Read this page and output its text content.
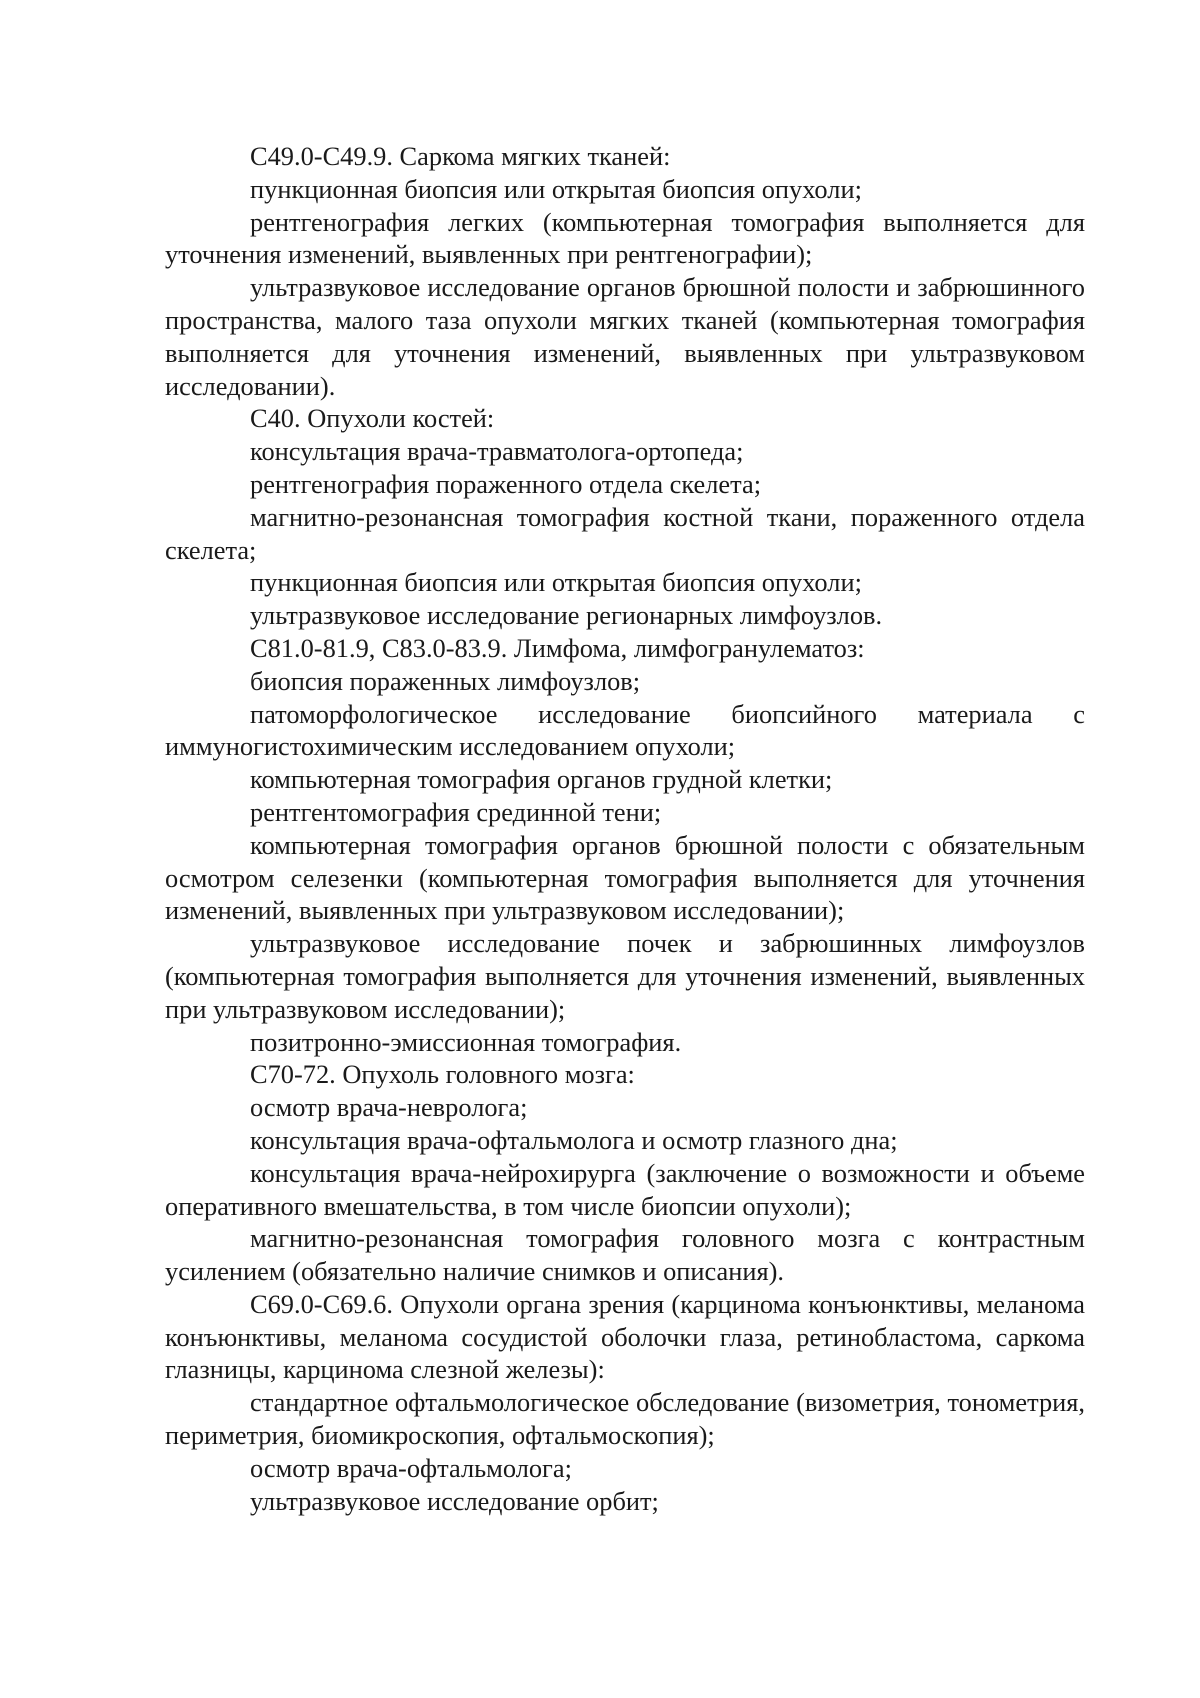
C49.0-C49.9. Саркома мягких тканей:

пункционная биопсия или открытая биопсия опухоли;

рентгенография легких (компьютерная томография выполняется для уточнения изменений, выявленных при рентгенографии);

ультразвуковое исследование органов брюшной полости и забрюшинного пространства, малого таза опухоли мягких тканей (компьютерная томография выполняется для уточнения изменений, выявленных при ультразвуковом исследовании).

C40. Опухоли костей:

консультация врача-травматолога-ортопеда;

рентгенография пораженного отдела скелета;

магнитно-резонансная томография костной ткани, пораженного отдела скелета;

пункционная биопсия или открытая биопсия опухоли;

ультразвуковое исследование регионарных лимфоузлов.

C81.0-81.9, C83.0-83.9. Лимфома, лимфогранулематоз:

биопсия пораженных лимфоузлов;

патоморфологическое исследование биопсийного материала с иммуногистохимическим исследованием опухоли;

компьютерная томография органов грудной клетки;

рентгентомография срединной тени;

компьютерная томография органов брюшной полости с обязательным осмотром селезенки (компьютерная томография выполняется для уточнения изменений, выявленных при ультразвуковом исследовании);

ультразвуковое исследование почек и забрюшинных лимфоузлов (компьютерная томография выполняется для уточнения изменений, выявленных при ультразвуковом исследовании);

позитронно-эмиссионная томография.

C70-72. Опухоль головного мозга:

осмотр врача-невролога;

консультация врача-офтальмолога и осмотр глазного дна;

консультация врача-нейрохирурга (заключение о возможности и объеме оперативного вмешательства, в том числе биопсии опухоли);

магнитно-резонансная томография головного мозга с контрастным усилением (обязательно наличие снимков и описания).

C69.0-C69.6. Опухоли органа зрения (карцинома конъюнктивы, меланома конъюнктивы, меланома сосудистой оболочки глаза, ретинобластома, саркома глазницы, карцинома слезной железы):

стандартное офтальмологическое обследование (визометрия, тонометрия, периметрия, биомикроскопия, офтальмоскопия);

осмотр врача-офтальмолога;

ультразвуковое исследование орбит;
